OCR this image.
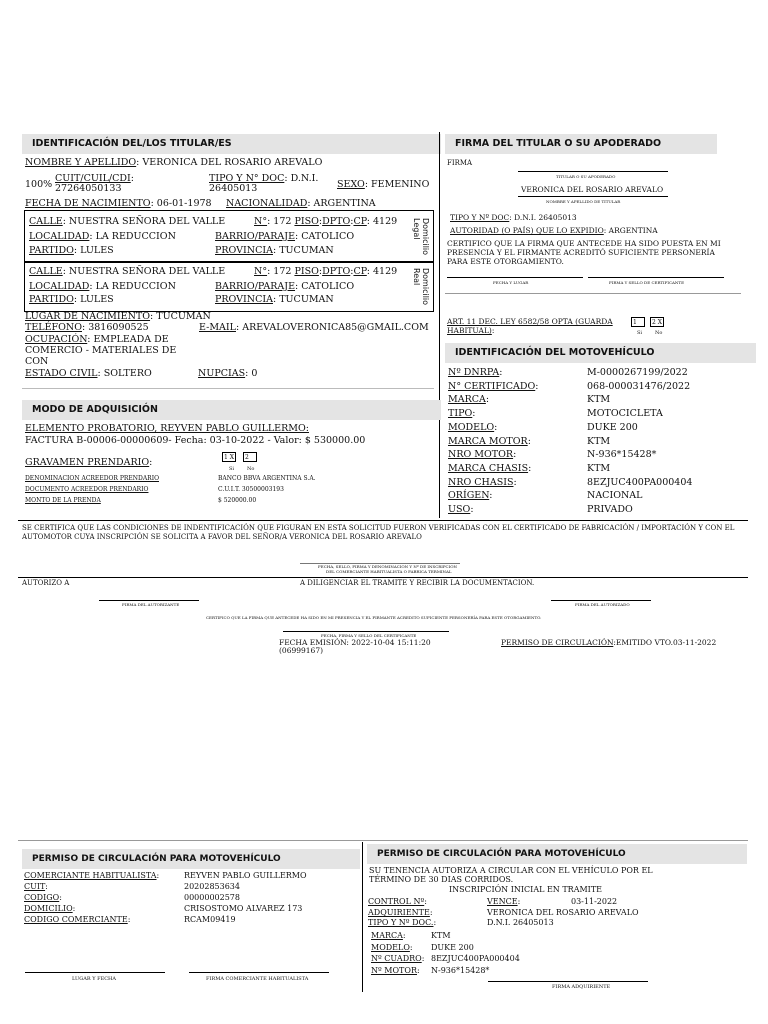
IDENTIFICACIÓN DEL/LOS TITULAR/ES
NOMBRE Y APELLIDO: VERONICA DEL ROSARIO AREVALO
100%
CUIT/CUIL/CDI:
27264050133
TIPO Y N° DOC: D.N.I.
26405013	SEXO: FEMENINO
FECHA DE NACIMIENTO: 06-01-1978 NACIONALIDAD: ARGENTINA
CALLE: NUESTRA SEÑORA DEL VALLE	N°: 172 PISO:DPTO:CP: 4129
LOCALIDAD: LA REDUCCION	BARRIO/PARAJE: CATOLICO
PARTIDO: LULES	PROVINCIA: TUCUMAN	Domicilio Legal
CALLE: NUESTRA SEÑORA DEL VALLE	N°: 172 PISO:DPTO:CP: 4129
LOCALIDAD: LA REDUCCION	BARRIO/PARAJE: CATOLICO
PARTIDO: LULES	PROVINCIA: TUCUMAN	Domicilio Real
LUGAR DE NACIMIENTO: TUCUMAN
TELÉFONO: 3816090525	E-MAIL: AREVALOVERONICA85@GMAIL.COM
OCUPACIÓN: EMPLEADA DE
COMERCIO - MATERIALES DE
CON
ESTADO CIVIL: SOLTERO	NUPCIAS: 0
FIRMA DEL TITULAR O SU APODERADO
FIRMA
TITULAR O SU APODERADO
VERONICA DEL ROSARIO AREVALO
NOMBRE Y APELLIDO DE TITULAR
TIPO Y Nº DOC: D.N.I. 26405013
AUTORIDAD (O PAÍS) QUE LO EXPIDIO: ARGENTINA
CERTIFICO QUE LA FIRMA QUE ANTECEDE HA SIDO PUESTA EN MI PRESENCIA Y EL FIRMANTE ACREDITÓ SUFICIENTE PERSONERÍA PARA ESTE OTORGAMIENTO.
FECHA Y LUGAR	FIRMA Y SELLO DE CERTIFICANTE
ART. 11 DEC. LEY 6582/58 OPTA (GUARDA HABITUAL):
1	2 X
Si	No
IDENTIFICACIÓN DEL MOTOVEHÍCULO
Nº DNRPA:	M-0000267199/2022
N° CERTIFICADO:	068-000031476/2022
MARCA:	KTM
TIPO:	MOTOCICLETA
MODELO:	DUKE 200
MARCA MOTOR:	KTM
NRO MOTOR:	N-936*15428*
MARCA CHASIS:	KTM
NRO CHASIS:	8EZJUC400PA000404
ORÍGEN:	NACIONAL
USO:	PRIVADO
MODO DE ADQUISICIÓN
ELEMENTO PROBATORIO, REYVEN PABLO GUILLERMO:
FACTURA B-00006-00000609- Fecha: 03-10-2022 - Valor: $ 530000.00
GRAVAMEN PRENDARIO:	1 X	2
Si	No
DENOMINACION ACREEDOR PRENDARIO	BANCO BBVA ARGENTINA S.A.
DOCUMENTO ACREEDOR PRENDARIO	C.U.I.T. 30500003193
MONTO DE LA PRENDA	$ 520000.00
SE CERTIFICA QUE LAS CONDICIONES DE INDENTIFICACIÓN QUE FIGURAN EN ESTA SOLICITUD FUERON VERIFICADAS CON EL CERTIFICADO DE FABRICACIÓN / IMPORTACIÓN Y CON EL AUTOMOTOR CUYA INSCRIPCIÓN SE SOLICITA A FAVOR DEL SEÑOR/A VERONICA DEL ROSARIO AREVALO
FECHA, SELLO, FIRMA Y DENOMINACION Y Nº DE INSCRIPCION
DEL COMERCIANTE HABITUALISTA O FABRICA TERMINAL
AUTORIZO A	A DILIGENCIAR EL TRAMITE Y RECIBIR LA DOCUMENTACION.
FIRMA DEL AUTORIZANTE	FIRMA DEL AUTORIZADO
CERTIFICO QUE LA FIRMA QUE ANTECEDE HA SIDO EN MI PRESENCIA Y EL FIRMANTE ACREDITO SUFICIENTE PERSONERÍA PARA ESTE OTORGAMIENTO.
FECHA, FIRMA Y SELLO DEL CERTIFICANTE
FECHA EMISIÓN: 2022-10-04 15:11:20
(06999167)
PERMISO DE CIRCULACIÓN:EMITIDO VTO.03-11-2022
PERMISO DE CIRCULACIÓN PARA MOTOVEHÍCULO
COMERCIANTE HABITUALISTA:	REYVEN PABLO GUILLERMO
CUIT:	20202853634
CODIGO:	00000002578
DOMICILIO:	CRISOSTOMO ALVAREZ 173
CODIGO COMERCIANTE:	RCAM09419
LUGAR Y FECHA	FIRMA COMERCIANTE HABITUALISTA
PERMISO DE CIRCULACIÓN PARA MOTOVEHÍCULO
SU TENENCIA AUTORIZA A CIRCULAR CON EL VEHÍCULO POR EL TÉRMINO DE 30 DIAS CORRIDOS.
INSCRIPCIÓN INICIAL EN TRAMITE
CONTROL Nº:	VENCE:	03-11-2022
ADQUIRIENTE:	VERONICA DEL ROSARIO AREVALO
TIPO Y Nº DOC.:	D.N.I. 26405013
MARCA:	KTM
MODELO: DUKE 200
Nº CUADRO: 8EZJUC400PA000404
Nº MOTOR: N-936*15428*
FIRMA ADQUIRIENTE
